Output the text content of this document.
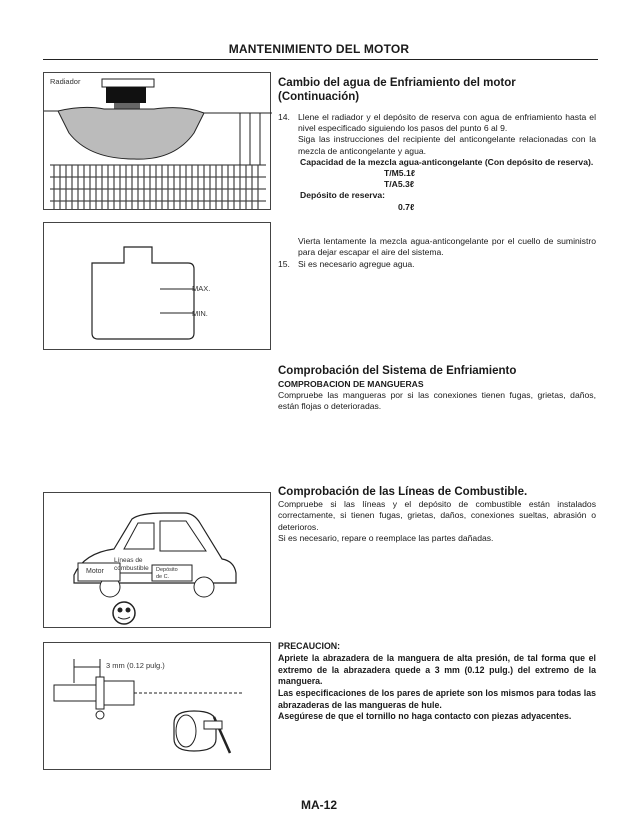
MANTENIMIENTO DEL MOTOR
Radiador
MAX.
MIN.
Motor
Líneas de
combustible Depósito
de C.
3 mm (0.12 pulg.)
Cambio del agua de Enfriamiento del motor
(Continuación)
14. Llene el radiador y el depósito de reserva con agua de enfriamiento hasta el nivel especificado siguiendo los pasos del punto 6 al 9.
Siga las instrucciones del recipiente del anticongelante relacionadas con la mezcla de anticongelante y agua.
Capacidad de la mezcla agua-anticongelante (Con depósito de reserva).
T/M5.1ℓ
T/A5.3ℓ
Depósito de reserva:
0.7ℓ
Vierta lentamente la mezcla agua-anticongelante por el cuello de suministro para dejar escapar el aire del sistema.
15. Si es necesario agregue agua.
Comprobación del Sistema de Enfriamiento
COMPROBACION DE MANGUERAS
Compruebe las mangueras por si las conexiones tienen fugas, grietas, daños, están flojas o deterioradas.
Comprobación de las Líneas de Combustible.
Compruebe si las líneas y el depósito de combustible están instalados correctamente, si tienen fugas, grietas, daños, conexiones sueltas, abrasión o deterioros.
Si es necesario, repare o reemplace las partes dañadas.
PRECAUCION:
Apriete la abrazadera de la manguera de alta presión, de tal forma que el extremo de la abrazadera quede a 3 mm (0.12 pulg.) del extremo de la manguera.
Las especificaciones de los pares de apriete son los mismos para todas las abrazaderas de las mangueras de hule.
Asegúrese de que el tornillo no haga contacto con piezas adyacentes.
MA-12
